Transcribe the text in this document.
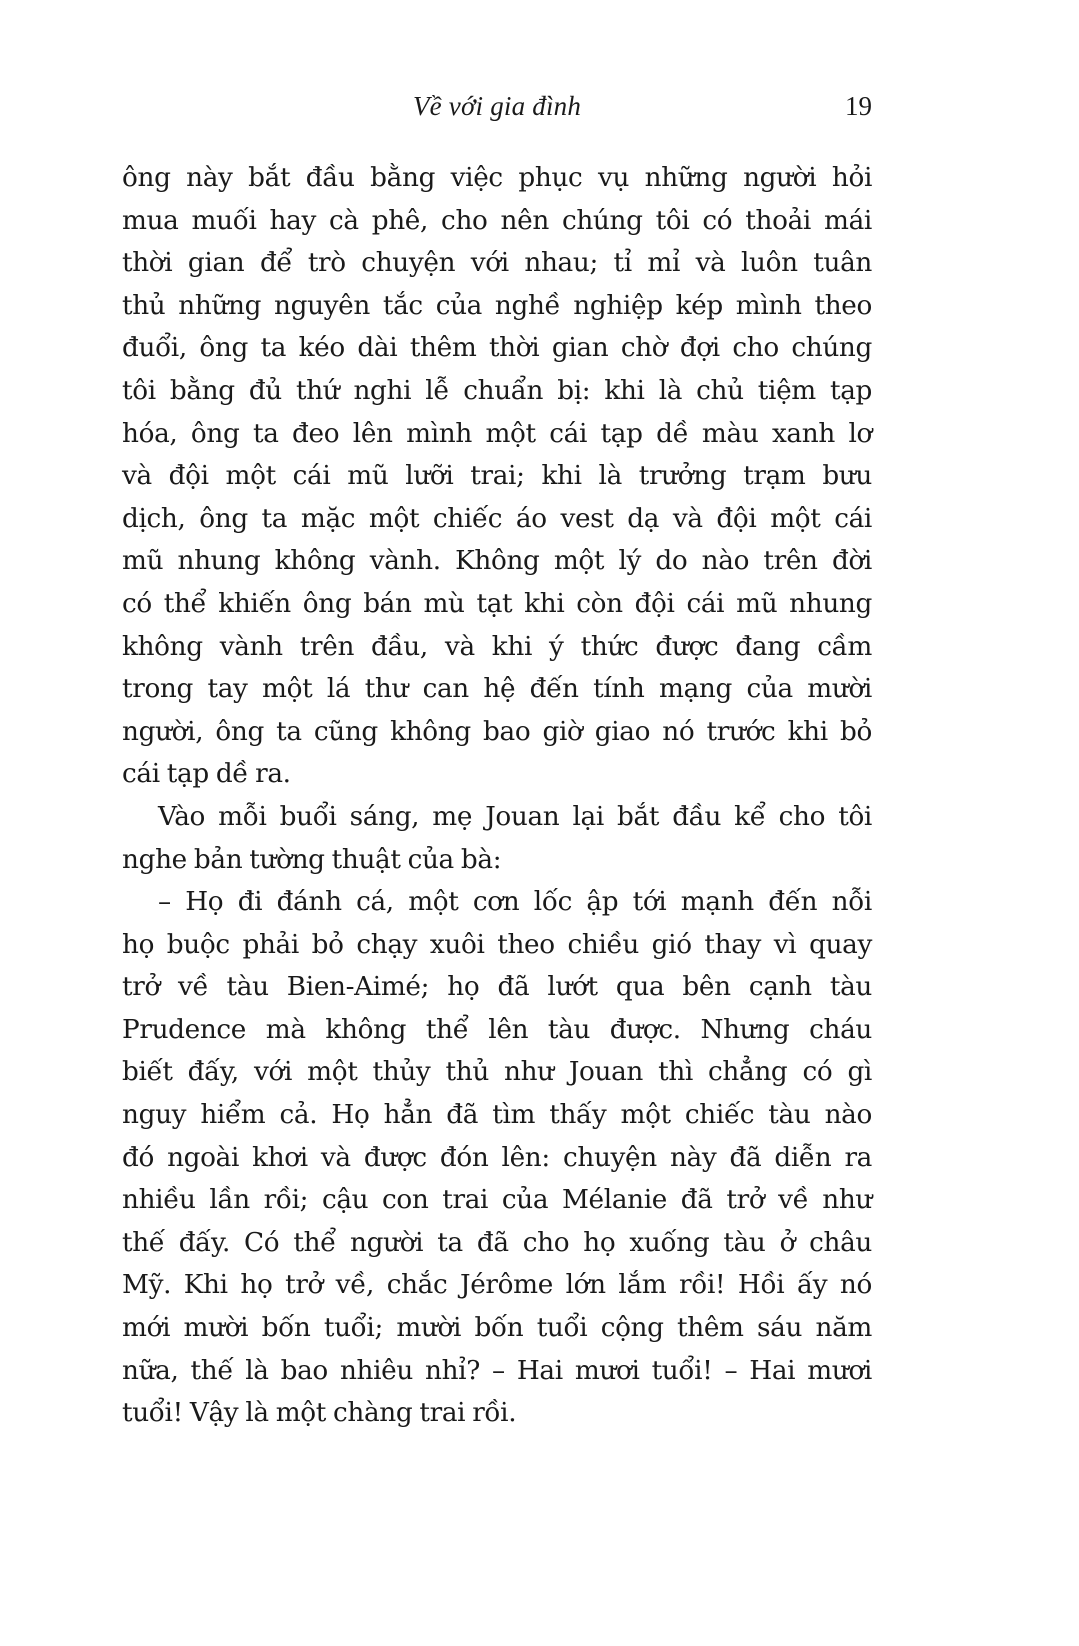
Về với gia đình	19
ông này bắt đầu bằng việc phục vụ những người hỏi
mua muối hay cà phê, cho nên chúng tôi có thoải mái
thời gian để trò chuyện với nhau; tỉ mỉ và luôn tuân
thủ những nguyên tắc của nghề nghiệp kép mình theo
đuổi, ông ta kéo dài thêm thời gian chờ đợi cho chúng
tôi bằng đủ thứ nghi lễ chuẩn bị: khi là chủ tiệm tạp
hóa, ông ta đeo lên mình một cái tạp dề màu xanh lơ
và đội một cái mũ lưỡi trai; khi là trưởng trạm bưu
dịch, ông ta mặc một chiếc áo vest dạ và đội một cái
mũ nhung không vành. Không một lý do nào trên đời
có thể khiến ông bán mù tạt khi còn đội cái mũ nhung
không vành trên đầu, và khi ý thức được đang cầm
trong tay một lá thư can hệ đến tính mạng của mười
người, ông ta cũng không bao giờ giao nó trước khi bỏ
cái tạp dề ra.
Vào mỗi buổi sáng, mẹ Jouan lại bắt đầu kể cho tôi
nghe bản tường thuật của bà:
– Họ đi đánh cá, một cơn lốc ập tới mạnh đến nỗi
họ buộc phải bỏ chạy xuôi theo chiều gió thay vì quay
trở về tàu Bien-Aimé; họ đã lướt qua bên cạnh tàu
Prudence mà không thể lên tàu được. Nhưng cháu
biết đấy, với một thủy thủ như Jouan thì chẳng có gì
nguy hiểm cả. Họ hẳn đã tìm thấy một chiếc tàu nào
đó ngoài khơi và được đón lên: chuyện này đã diễn ra
nhiều lần rồi; cậu con trai của Mélanie đã trở về như
thế đấy. Có thể người ta đã cho họ xuống tàu ở châu
Mỹ. Khi họ trở về, chắc Jérôme lớn lắm rồi! Hồi ấy nó
mới mười bốn tuổi; mười bốn tuổi cộng thêm sáu năm
nữa, thế là bao nhiêu nhỉ? – Hai mươi tuổi! – Hai mươi
tuổi! Vậy là một chàng trai rồi.
